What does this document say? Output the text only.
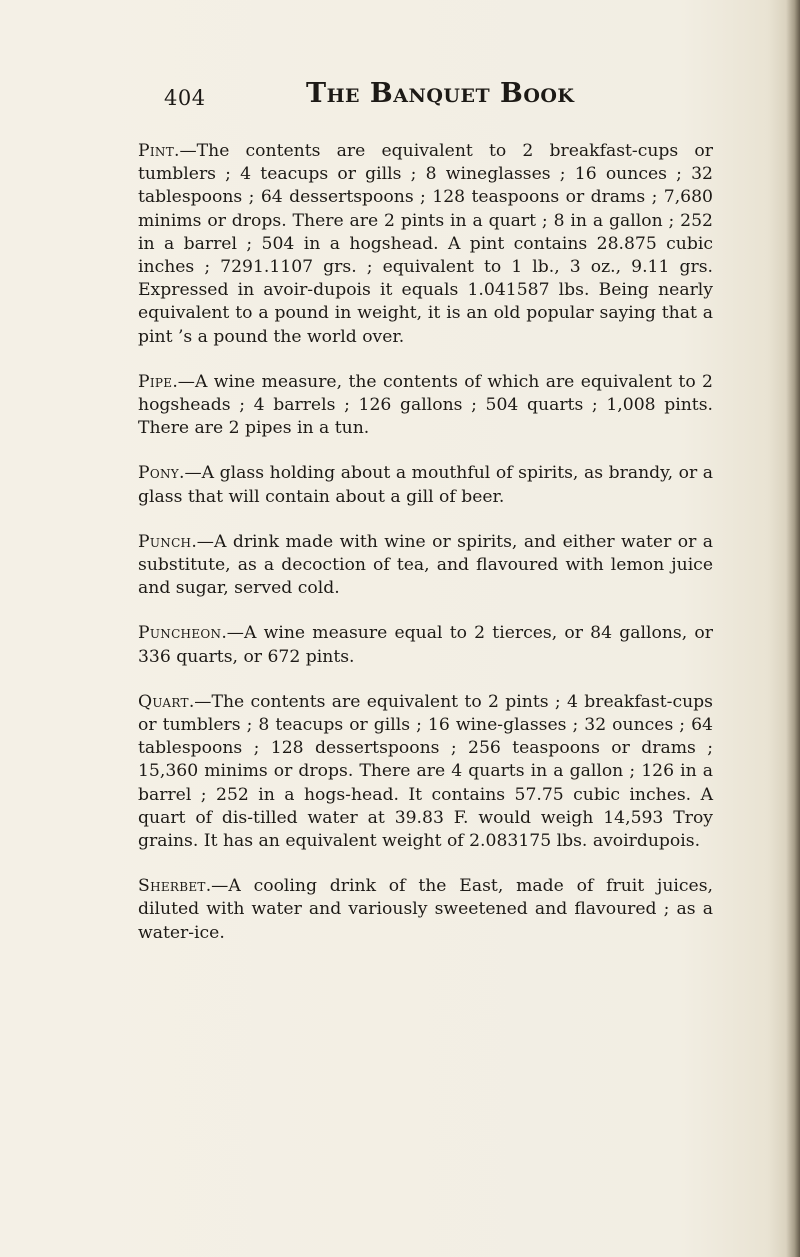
404	The Banquet Book

Pint.—The contents are equivalent to 2 breakfast-cups or tumblers ; 4 teacups or gills ; 8 wineglasses ; 16 ounces ; 32 tablespoons ; 64 dessertspoons ; 128 teaspoons or drams ; 7,680 minims or drops. There are 2 pints in a quart ; 8 in a gallon ; 252 in a barrel ; 504 in a hogshead. A pint contains 28.875 cubic inches ; 7291.1107 grs. ; equivalent to 1 lb., 3 oz., 9.11 grs. Expressed in avoir-dupois it equals 1.041587 lbs. Being nearly equivalent to a pound in weight, it is an old popular saying that a pint ’s a pound the world over.

Pipe.—A wine measure, the contents of which are equivalent to 2 hogsheads ; 4 barrels ; 126 gallons ; 504 quarts ; 1,008 pints. There are 2 pipes in a tun.

Pony.—A glass holding about a mouthful of spirits, as brandy, or a glass that will contain about a gill of beer.

Punch.—A drink made with wine or spirits, and either water or a substitute, as a decoction of tea, and flavoured with lemon juice and sugar, served cold.

Puncheon.—A wine measure equal to 2 tierces, or 84 gallons, or 336 quarts, or 672 pints.

Quart.—The contents are equivalent to 2 pints ; 4 breakfast-cups or tumblers ; 8 teacups or gills ; 16 wine-glasses ; 32 ounces ; 64 tablespoons ; 128 dessertspoons ; 256 teaspoons or drams ; 15,360 minims or drops. There are 4 quarts in a gallon ; 126 in a barrel ; 252 in a hogs-head. It contains 57.75 cubic inches. A quart of dis-tilled water at 39.83 F. would weigh 14,593 Troy grains. It has an equivalent weight of 2.083175 lbs. avoirdupois.

Sherbet.—A cooling drink of the East, made of fruit juices, diluted with water and variously sweetened and flavoured ; as a water-ice.
